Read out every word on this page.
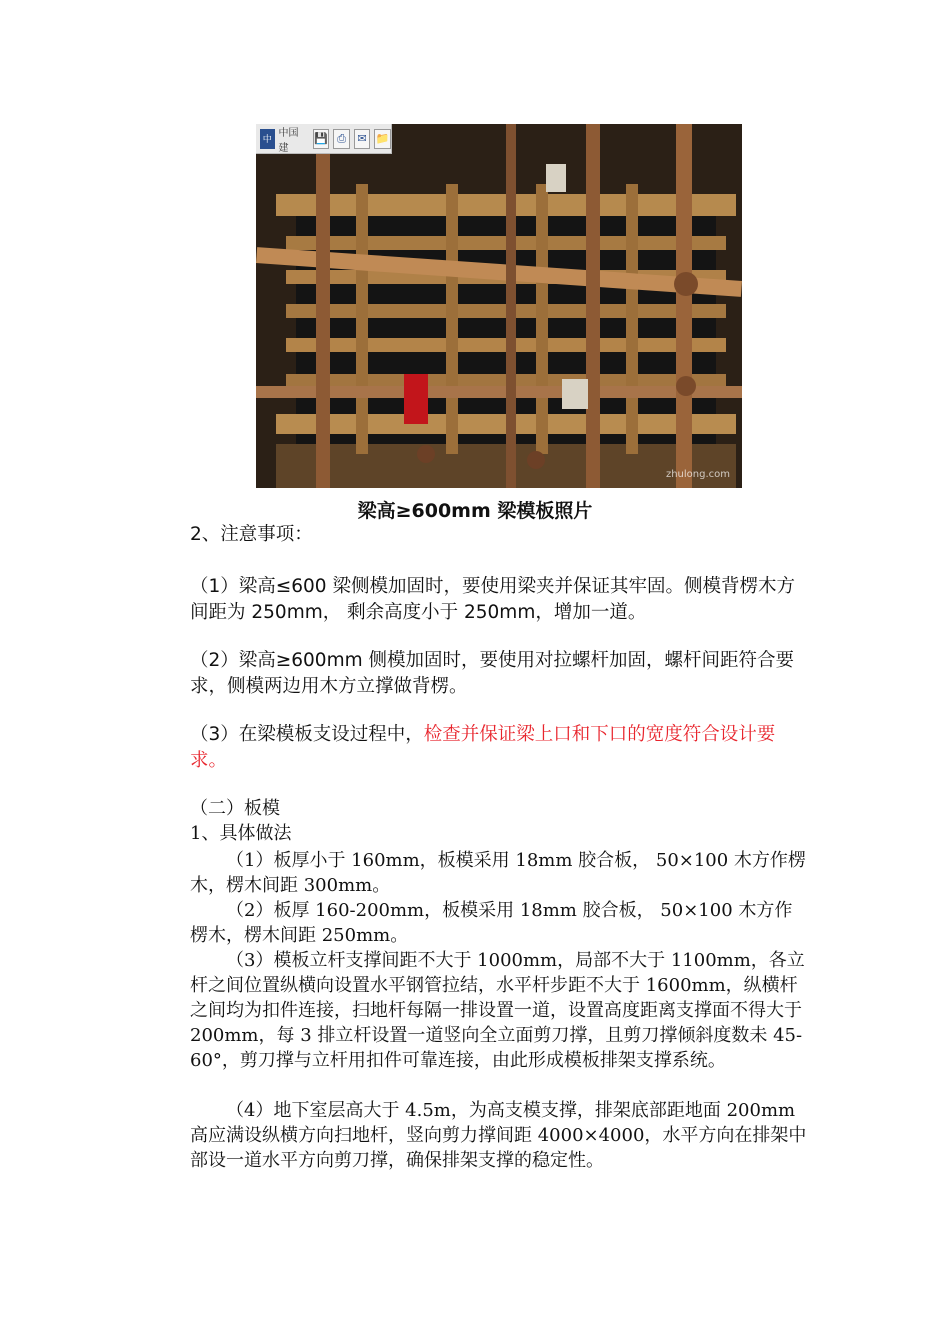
中
中国建
💾 ⎙	✉ 📁
zhulong.com
梁高≥600mm 梁模板照片

2、注意事项：

（1）梁高≤600 梁侧模加固时，要使用梁夹并保证其牢固。侧模背楞木方间距为 250mm， 剩余高度小于 250mm，增加一道。

（2）梁高≥600mm 侧模加固时，要使用对拉螺杆加固，螺杆间距符合要求，侧模两边用木方立撑做背楞。

（3）在梁模板支设过程中，检查并保证梁上口和下口的宽度符合设计要求。

（二）板模

1、具体做法

（1）板厚小于 160mm，板模采用 18mm 胶合板， 50×100 木方作楞木，楞木间距 300mm。

（2）板厚 160-200mm，板模采用 18mm 胶合板， 50×100 木方作楞木，楞木间距 250mm。

（3）模板立杆支撑间距不大于 1000mm，局部不大于 1100mm，各立杆之间位置纵横向设置水平钢管拉结，水平杆步距不大于 1600mm，纵横杆之间均为扣件连接，扫地杆每隔一排设置一道，设置高度距离支撑面不得大于 200mm，每 3 排立杆设置一道竖向全立面剪刀撑，且剪刀撑倾斜度数未 45-60°，剪刀撑与立杆用扣件可靠连接，由此形成模板排架支撑系统。

（4）地下室层高大于 4.5m，为高支模支撑，排架底部距地面 200mm 高应满设纵横方向扫地杆，竖向剪力撑间距 4000×4000，水平方向在排架中部设一道水平方向剪刀撑，确保排架支撑的稳定性。
